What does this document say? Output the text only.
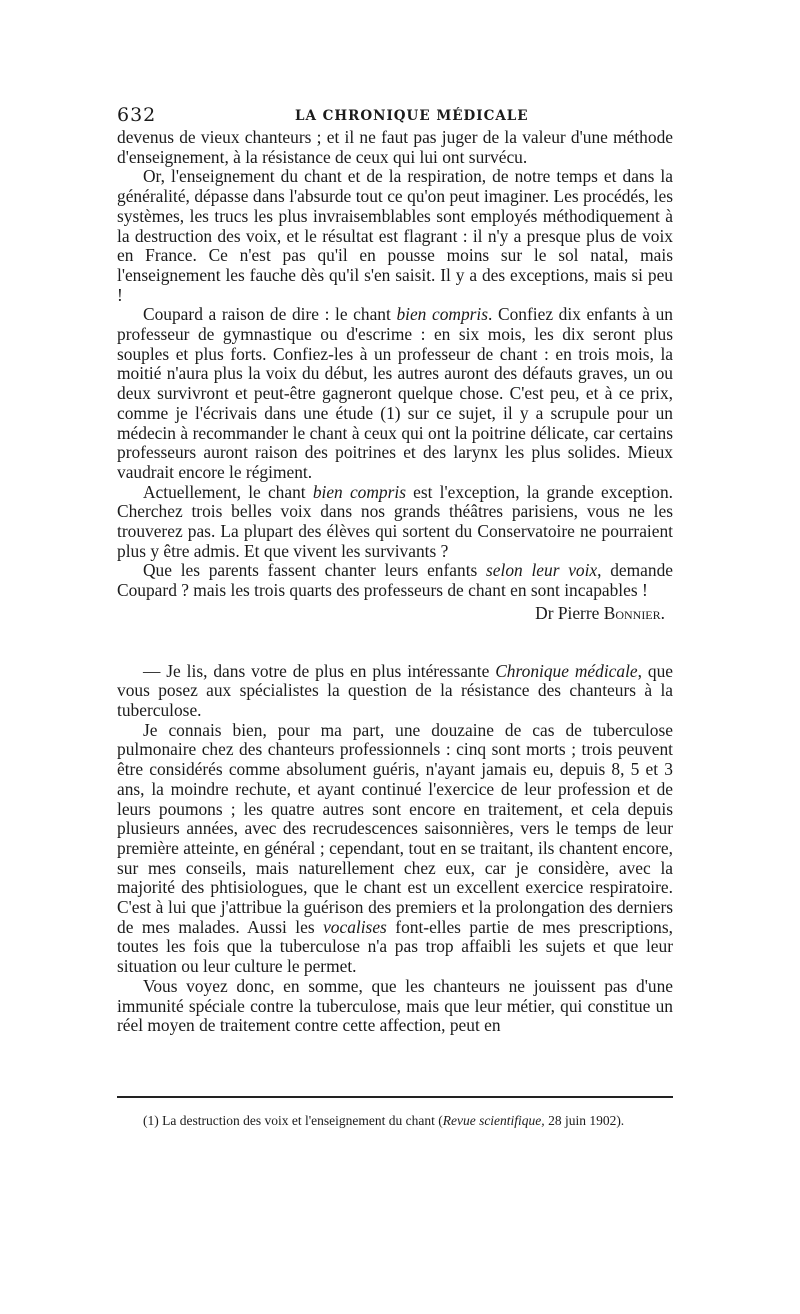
632	LA CHRONIQUE MÉDICALE

devenus de vieux chanteurs ; et il ne faut pas juger de la valeur d'une méthode d'enseignement, à la résistance de ceux qui lui ont survécu.

Or, l'enseignement du chant et de la respiration, de notre temps et dans la généralité, dépasse dans l'absurde tout ce qu'on peut imaginer. Les procédés, les systèmes, les trucs les plus invraisemblables sont employés méthodiquement à la destruction des voix, et le résultat est flagrant : il n'y a presque plus de voix en France. Ce n'est pas qu'il en pousse moins sur le sol natal, mais l'enseignement les fauche dès qu'il s'en saisit. Il y a des exceptions, mais si peu !

Coupard a raison de dire : le chant bien compris. Confiez dix enfants à un professeur de gymnastique ou d'escrime : en six mois, les dix seront plus souples et plus forts. Confiez-les à un professeur de chant : en trois mois, la moitié n'aura plus la voix du début, les autres auront des défauts graves, un ou deux survivront et peut-être gagneront quelque chose. C'est peu, et à ce prix, comme je l'écrivais dans une étude (1) sur ce sujet, il y a scrupule pour un médecin à recommander le chant à ceux qui ont la poitrine délicate, car certains professeurs auront raison des poitrines et des larynx les plus solides. Mieux vaudrait encore le régiment.

Actuellement, le chant bien compris est l'exception, la grande exception. Cherchez trois belles voix dans nos grands théâtres parisiens, vous ne les trouverez pas. La plupart des élèves qui sortent du Conservatoire ne pourraient plus y être admis. Et que vivent les survivants ?

Que les parents fassent chanter leurs enfants selon leur voix, demande Coupard ? mais les trois quarts des professeurs de chant en sont incapables !

Dr Pierre Bonnier.

— Je lis, dans votre de plus en plus intéressante Chronique médicale, que vous posez aux spécialistes la question de la résistance des chanteurs à la tuberculose.

Je connais bien, pour ma part, une douzaine de cas de tuberculose pulmonaire chez des chanteurs professionnels : cinq sont morts ; trois peuvent être considérés comme absolument guéris, n'ayant jamais eu, depuis 8, 5 et 3 ans, la moindre rechute, et ayant continué l'exercice de leur profession et de leurs poumons ; les quatre autres sont encore en traitement, et cela depuis plusieurs années, avec des recrudescences saisonnières, vers le temps de leur première atteinte, en général ; cependant, tout en se traitant, ils chantent encore, sur mes conseils, mais naturellement chez eux, car je considère, avec la majorité des phtisiologues, que le chant est un excellent exercice respiratoire. C'est à lui que j'attribue la guérison des premiers et la prolongation des derniers de mes malades. Aussi les vocalises font-elles partie de mes prescriptions, toutes les fois que la tuberculose n'a pas trop affaibli les sujets et que leur situation ou leur culture le permet.

Vous voyez donc, en somme, que les chanteurs ne jouissent pas d'une immunité spéciale contre la tuberculose, mais que leur métier, qui constitue un réel moyen de traitement contre cette affection, peut en

(1) La destruction des voix et l'enseignement du chant (Revue scientifique, 28 juin 1902).
